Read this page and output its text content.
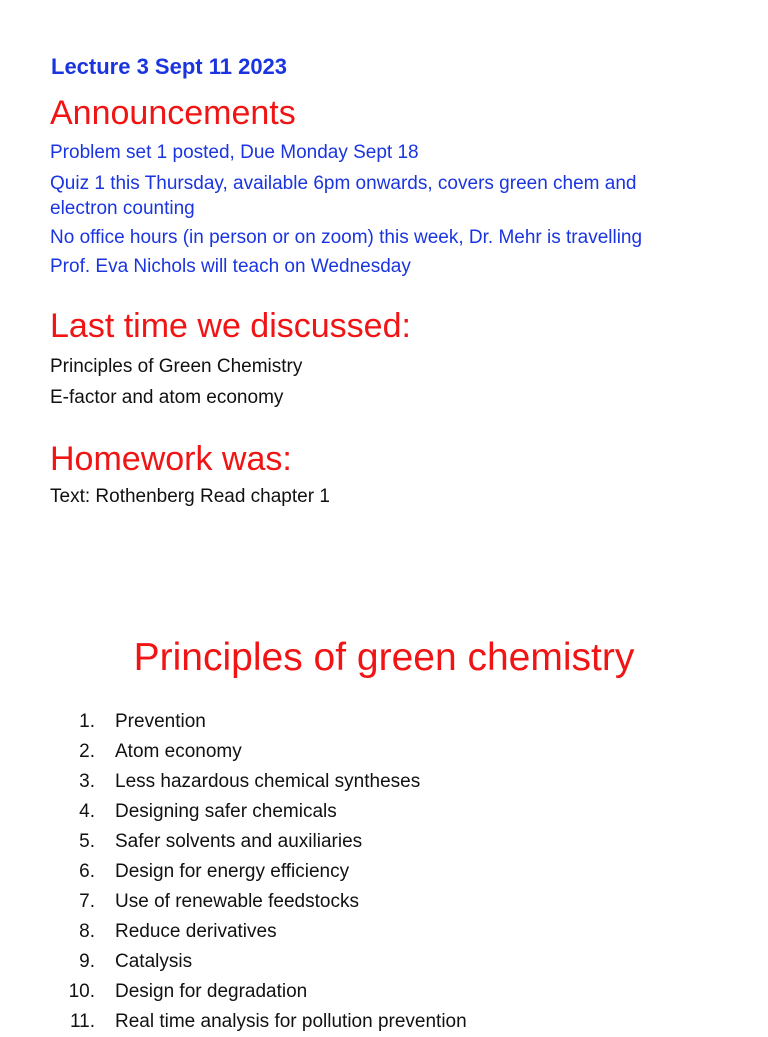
Lecture 3 Sept 11 2023
Announcements
Problem set 1 posted, Due Monday Sept 18
Quiz 1 this Thursday, available 6pm onwards, covers green chem and
electron counting
No office hours (in person or on zoom) this week, Dr. Mehr is travelling
Prof. Eva Nichols will teach on Wednesday
Last time we discussed:
Principles of Green Chemistry
E-factor and atom economy
Homework was:
Text: Rothenberg Read chapter 1
Principles of green chemistry
1. Prevention
2. Atom economy
3. Less hazardous chemical syntheses
4. Designing safer chemicals
5. Safer solvents and auxiliaries
6. Design for energy efficiency
7. Use of renewable feedstocks
8. Reduce derivatives
9. Catalysis
10. Design for degradation
11. Real time analysis for pollution prevention
